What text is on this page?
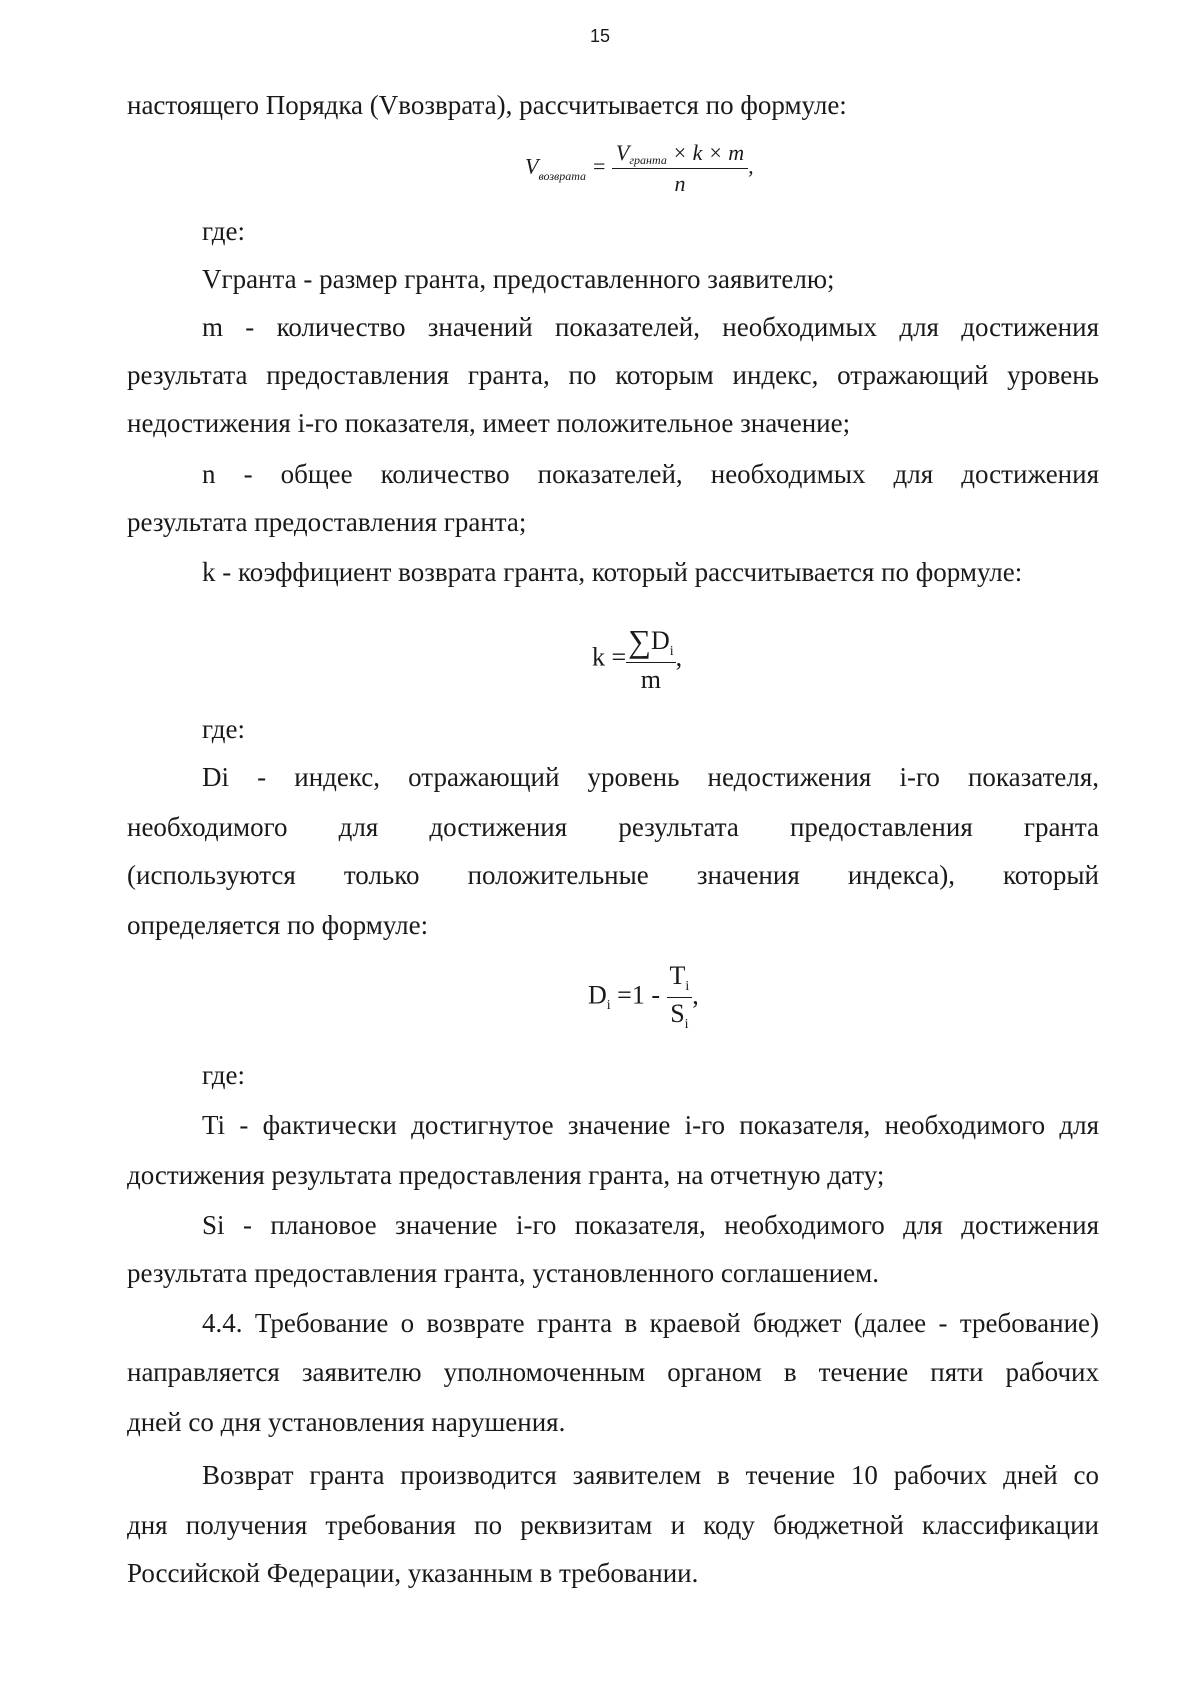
15
настоящего Порядка (Vвозврата), рассчитывается по формуле:
$V_{возврата} = \frac{\text{Vгранта × k × m}}{n}$ ,
где:
Vгранта - размер гранта, предоставленного заявителю;
m - количество значений показателей, необходимых для достижения
результата предоставления гранта, по которым индекс, отражающий уровень
недостижения i-го показателя, имеет положительное значение;
n - общее количество показателей, необходимых для достижения
результата предоставления гранта;
k - коэффициент возврата гранта, который рассчитывается по формуле:
$k = \frac{\sum D_i}{m}$ ,
где:
Di - индекс, отражающий уровень недостижения i-го показателя,
необходимого для достижения результата предоставления гранта
(используются только положительные значения индекса), который
определяется по формуле:
$D_i =1 - \frac{T_i}{S_i}$ ,
где:
Ti - фактически достигнутое значение i-го показателя, необходимого для
достижения результата предоставления гранта, на отчетную дату;
Si - плановое значение i-го показателя, необходимого для достижения
результата предоставления гранта, установленного соглашением.
4.4. Требование о возврате гранта в краевой бюджет (далее - требование)
направляется заявителю уполномоченным органом в течение пяти рабочих
дней со дня установления нарушения.
Возврат гранта производится заявителем в течение 10 рабочих дней со
дня получения требования по реквизитам и коду бюджетной классификации
Российской Федерации, указанным в требовании.
